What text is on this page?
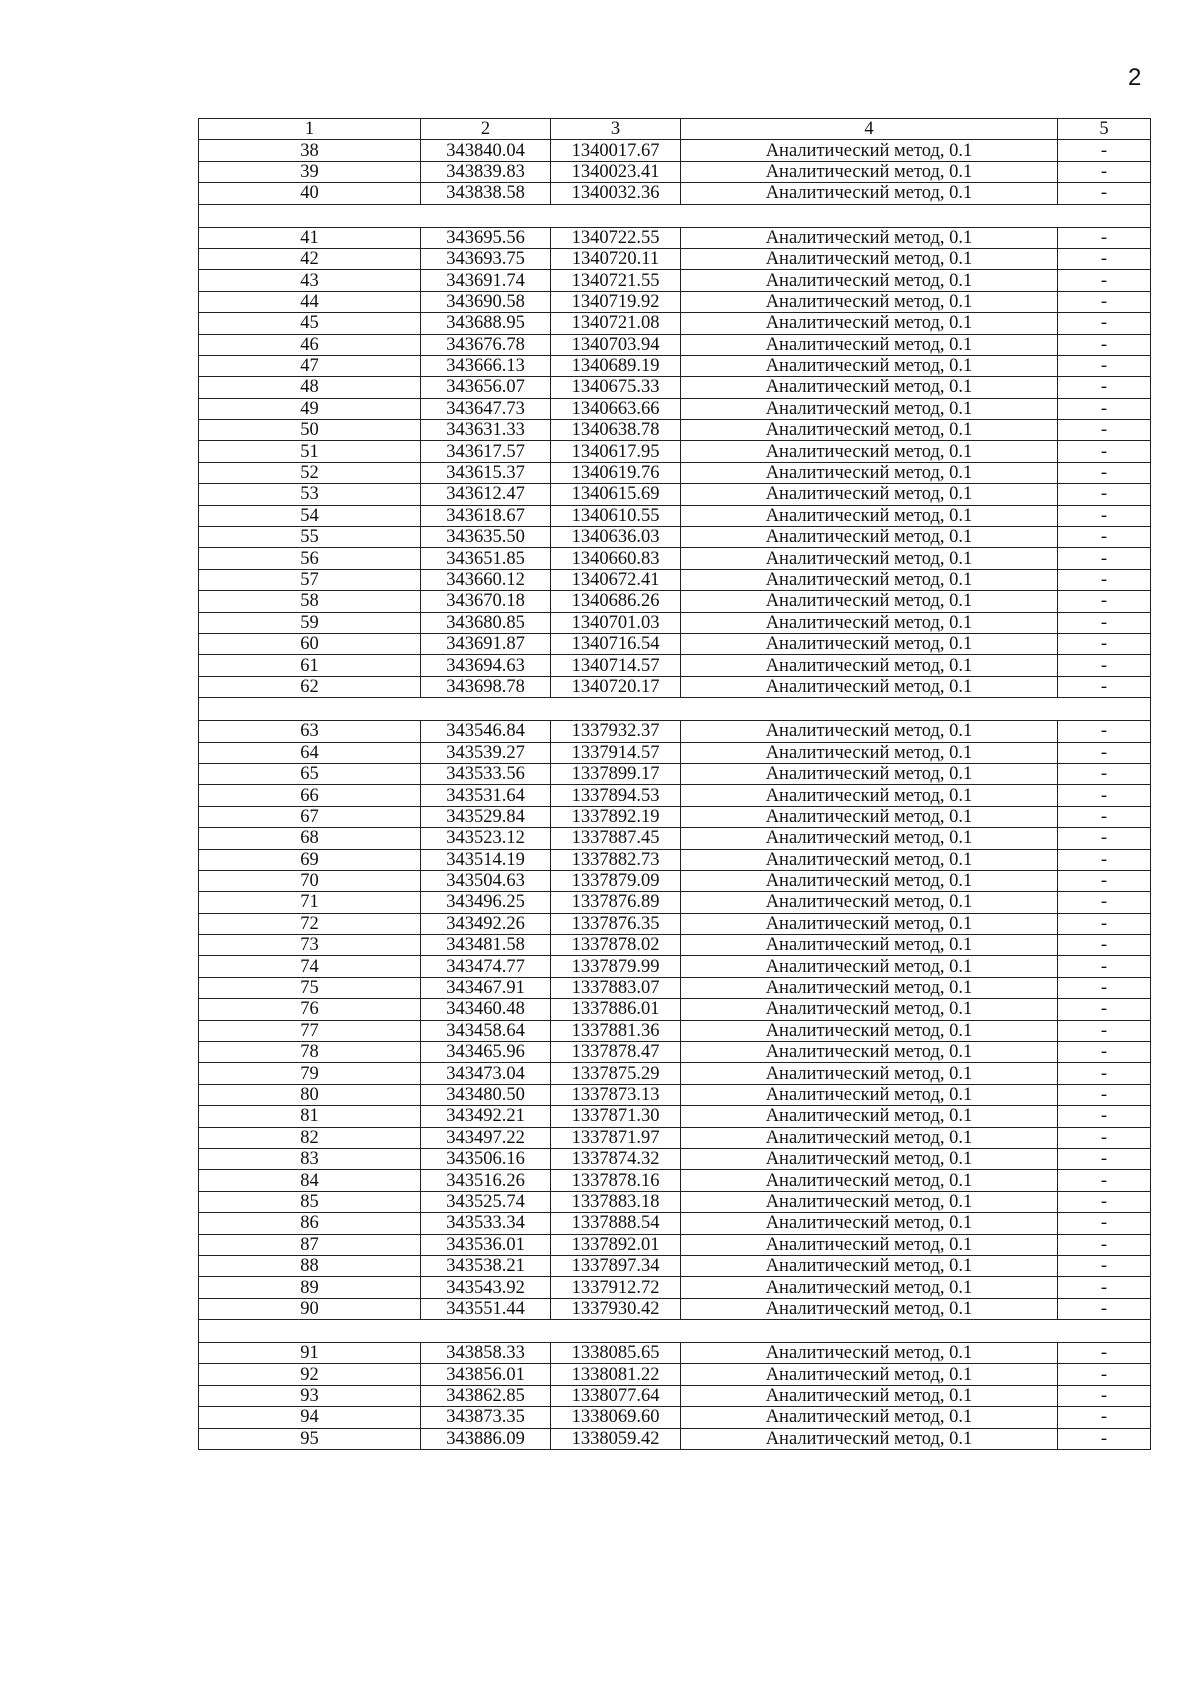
2
1	2	3	4	5
38	343840.04	1340017.67	Аналитический метод, 0.1	-
39	343839.83	1340023.41	Аналитический метод, 0.1	-
40	343838.58	1340032.36	Аналитический метод, 0.1	-

41	343695.56	1340722.55	Аналитический метод, 0.1	-
42	343693.75	1340720.11	Аналитический метод, 0.1	-
43	343691.74	1340721.55	Аналитический метод, 0.1	-
44	343690.58	1340719.92	Аналитический метод, 0.1	-
45	343688.95	1340721.08	Аналитический метод, 0.1	-
46	343676.78	1340703.94	Аналитический метод, 0.1	-
47	343666.13	1340689.19	Аналитический метод, 0.1	-
48	343656.07	1340675.33	Аналитический метод, 0.1	-
49	343647.73	1340663.66	Аналитический метод, 0.1	-
50	343631.33	1340638.78	Аналитический метод, 0.1	-
51	343617.57	1340617.95	Аналитический метод, 0.1	-
52	343615.37	1340619.76	Аналитический метод, 0.1	-
53	343612.47	1340615.69	Аналитический метод, 0.1	-
54	343618.67	1340610.55	Аналитический метод, 0.1	-
55	343635.50	1340636.03	Аналитический метод, 0.1	-
56	343651.85	1340660.83	Аналитический метод, 0.1	-
57	343660.12	1340672.41	Аналитический метод, 0.1	-
58	343670.18	1340686.26	Аналитический метод, 0.1	-
59	343680.85	1340701.03	Аналитический метод, 0.1	-
60	343691.87	1340716.54	Аналитический метод, 0.1	-
61	343694.63	1340714.57	Аналитический метод, 0.1	-
62	343698.78	1340720.17	Аналитический метод, 0.1	-

63	343546.84	1337932.37	Аналитический метод, 0.1	-
64	343539.27	1337914.57	Аналитический метод, 0.1	-
65	343533.56	1337899.17	Аналитический метод, 0.1	-
66	343531.64	1337894.53	Аналитический метод, 0.1	-
67	343529.84	1337892.19	Аналитический метод, 0.1	-
68	343523.12	1337887.45	Аналитический метод, 0.1	-
69	343514.19	1337882.73	Аналитический метод, 0.1	-
70	343504.63	1337879.09	Аналитический метод, 0.1	-
71	343496.25	1337876.89	Аналитический метод, 0.1	-
72	343492.26	1337876.35	Аналитический метод, 0.1	-
73	343481.58	1337878.02	Аналитический метод, 0.1	-
74	343474.77	1337879.99	Аналитический метод, 0.1	-
75	343467.91	1337883.07	Аналитический метод, 0.1	-
76	343460.48	1337886.01	Аналитический метод, 0.1	-
77	343458.64	1337881.36	Аналитический метод, 0.1	-
78	343465.96	1337878.47	Аналитический метод, 0.1	-
79	343473.04	1337875.29	Аналитический метод, 0.1	-
80	343480.50	1337873.13	Аналитический метод, 0.1	-
81	343492.21	1337871.30	Аналитический метод, 0.1	-
82	343497.22	1337871.97	Аналитический метод, 0.1	-
83	343506.16	1337874.32	Аналитический метод, 0.1	-
84	343516.26	1337878.16	Аналитический метод, 0.1	-
85	343525.74	1337883.18	Аналитический метод, 0.1	-
86	343533.34	1337888.54	Аналитический метод, 0.1	-
87	343536.01	1337892.01	Аналитический метод, 0.1	-
88	343538.21	1337897.34	Аналитический метод, 0.1	-
89	343543.92	1337912.72	Аналитический метод, 0.1	-
90	343551.44	1337930.42	Аналитический метод, 0.1	-

91	343858.33	1338085.65	Аналитический метод, 0.1	-
92	343856.01	1338081.22	Аналитический метод, 0.1	-
93	343862.85	1338077.64	Аналитический метод, 0.1	-
94	343873.35	1338069.60	Аналитический метод, 0.1	-
95	343886.09	1338059.42	Аналитический метод, 0.1	-
